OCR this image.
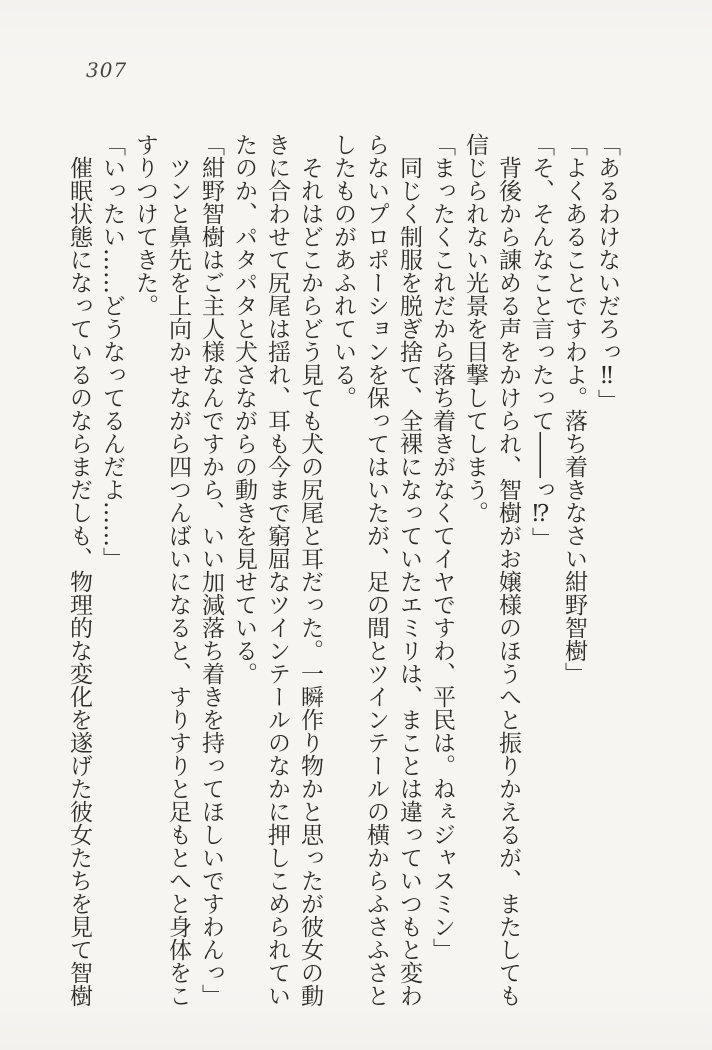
307

「あるわけないだろっ‼」

「よくあることですわよ。落ち着きなさい紺野智樹」

「そ、そんなこと言ったって――っ⁉」

背後から諌める声をかけられ、智樹がお嬢様のほうへと振りかえるが、またしても信じられない光景を目撃してしまう。

「まったくこれだから落ち着きがなくてイヤですわ、平民は。ねぇジャスミン」

同じく制服を脱ぎ捨て、全裸になっていたエミリは、まことは違っていつもと変わらないプロポーションを保ってはいたが、足の間とツインテールの横からふさふさとしたものがあふれている。

それはどこからどう見ても犬の尻尾と耳だった。一瞬作り物かと思ったが彼女の動きに合わせて尻尾は揺れ、耳も今まで窮屈なツインテールのなかに押しこめられていたのか、パタパタと犬さながらの動きを見せている。

「紺野智樹はご主人様なんですから、いい加減落ち着きを持ってほしいですわんっ」

ツンと鼻先を上向かせながら四つんばいになると、すりすりと足もとへと身体をこすりつけてきた。

「いったい……どうなってるんだよ……」

催眠状態になっているのならまだしも、物理的な変化を遂げた彼女たちを見て智樹
